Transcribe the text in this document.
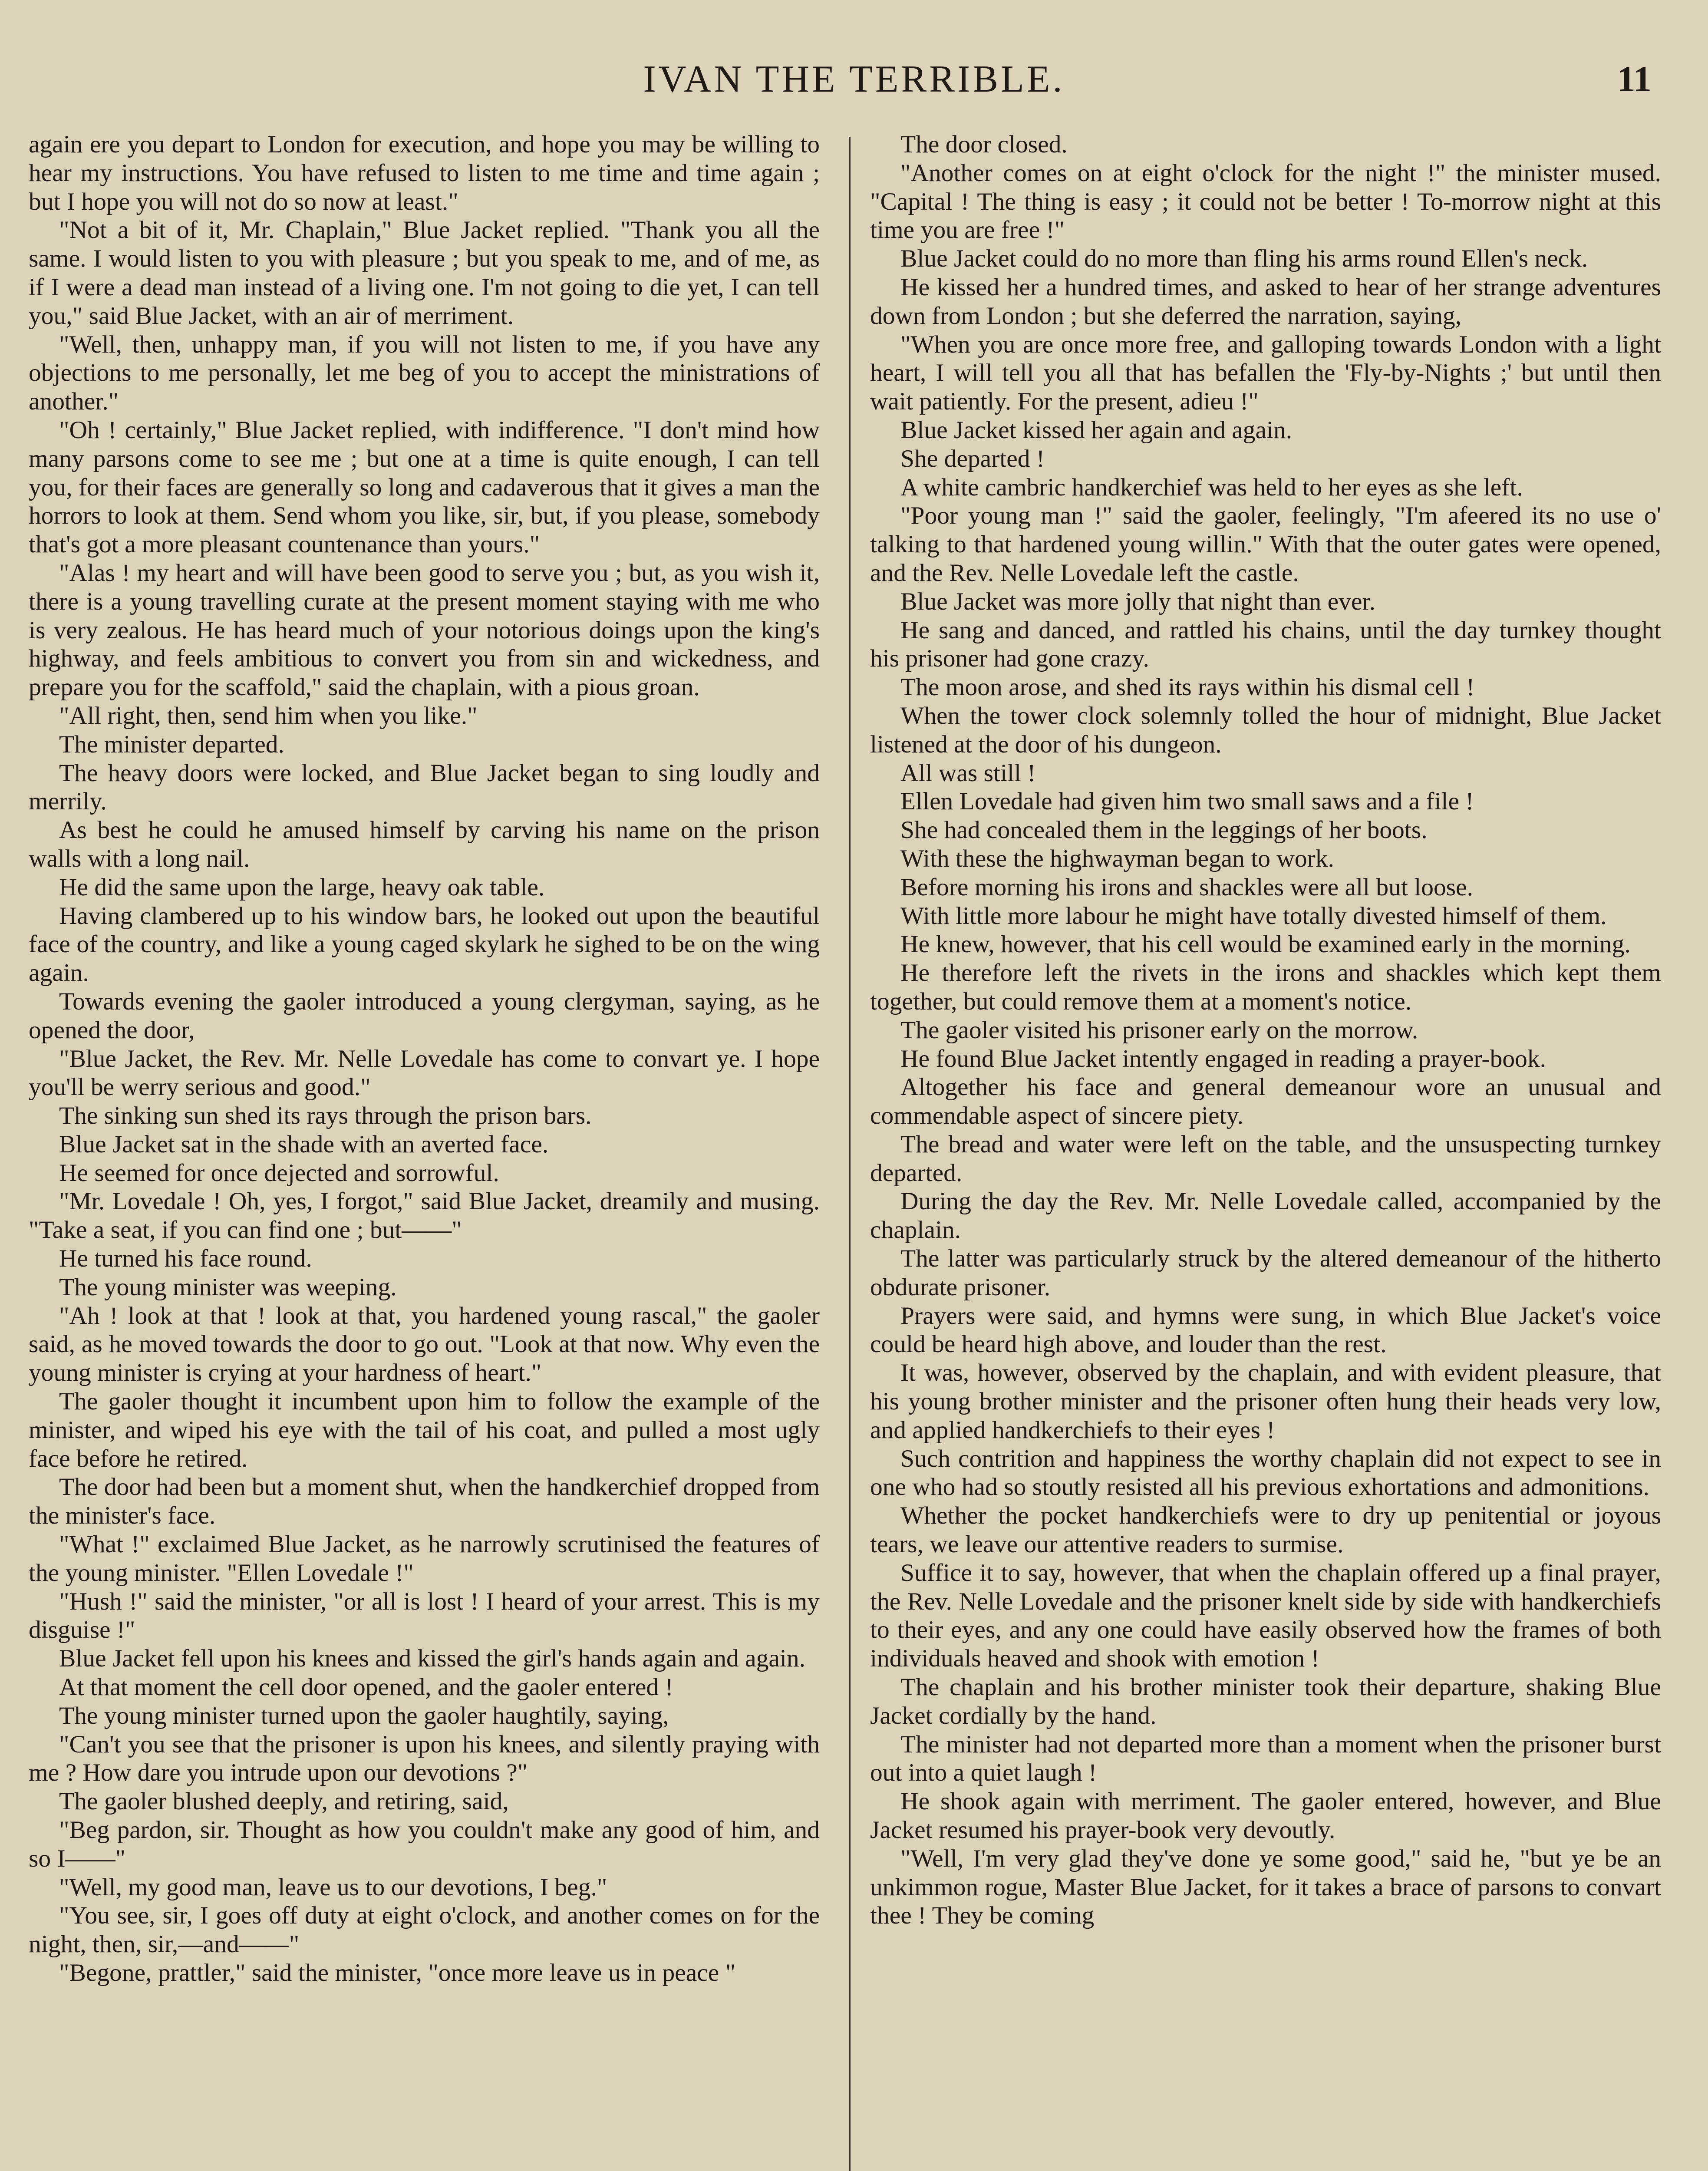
IVAN THE TERRIBLE.	11

again ere you depart to London for execution, and hope you may be willing to hear my instructions. You have refused to listen to me time and time again ; but I hope you will not do so now at least."

"Not a bit of it, Mr. Chaplain," Blue Jacket replied. "Thank you all the same. I would listen to you with pleasure ; but you speak to me, and of me, as if I were a dead man instead of a living one. I'm not going to die yet, I can tell you," said Blue Jacket, with an air of merriment.

"Well, then, unhappy man, if you will not listen to me, if you have any objections to me personally, let me beg of you to accept the ministrations of another."

"Oh ! certainly," Blue Jacket replied, with indifference. "I don't mind how many parsons come to see me ; but one at a time is quite enough, I can tell you, for their faces are generally so long and cadaverous that it gives a man the horrors to look at them. Send whom you like, sir, but, if you please, somebody that's got a more pleasant countenance than yours."

"Alas ! my heart and will have been good to serve you ; but, as you wish it, there is a young travelling curate at the present moment staying with me who is very zealous. He has heard much of your notorious doings upon the king's highway, and feels ambitious to convert you from sin and wickedness, and prepare you for the scaffold," said the chaplain, with a pious groan.

"All right, then, send him when you like."

The minister departed.

The heavy doors were locked, and Blue Jacket began to sing loudly and merrily.

As best he could he amused himself by carving his name on the prison walls with a long nail.

He did the same upon the large, heavy oak table.

Having clambered up to his window bars, he looked out upon the beautiful face of the country, and like a young caged skylark he sighed to be on the wing again.

Towards evening the gaoler introduced a young clergyman, saying, as he opened the door,

"Blue Jacket, the Rev. Mr. Nelle Lovedale has come to convart ye. I hope you'll be werry serious and good."

The sinking sun shed its rays through the prison bars.

Blue Jacket sat in the shade with an averted face.

He seemed for once dejected and sorrowful.

"Mr. Lovedale ! Oh, yes, I forgot," said Blue Jacket, dreamily and musing. "Take a seat, if you can find one ; but——"

He turned his face round.

The young minister was weeping.

"Ah ! look at that ! look at that, you hardened young rascal," the gaoler said, as he moved towards the door to go out. "Look at that now. Why even the young minister is crying at your hardness of heart."

The gaoler thought it incumbent upon him to follow the example of the minister, and wiped his eye with the tail of his coat, and pulled a most ugly face before he retired.

The door had been but a moment shut, when the handkerchief dropped from the minister's face.

"What !" exclaimed Blue Jacket, as he narrowly scrutinised the features of the young minister. "Ellen Lovedale !"

"Hush !" said the minister, "or all is lost ! I heard of your arrest. This is my disguise !"

Blue Jacket fell upon his knees and kissed the girl's hands again and again.

At that moment the cell door opened, and the gaoler entered !

The young minister turned upon the gaoler haughtily, saying,

"Can't you see that the prisoner is upon his knees, and silently praying with me ? How dare you intrude upon our devotions ?"

The gaoler blushed deeply, and retiring, said,

"Beg pardon, sir. Thought as how you couldn't make any good of him, and so I——"

"Well, my good man, leave us to our devotions, I beg."

"You see, sir, I goes off duty at eight o'clock, and another comes on for the night, then, sir,—and——"

"Begone, prattler," said the minister, "once more leave us in peace "

The door closed.

"Another comes on at eight o'clock for the night !" the minister mused. "Capital ! The thing is easy ; it could not be better ! To-morrow night at this time you are free !"

Blue Jacket could do no more than fling his arms round Ellen's neck.

He kissed her a hundred times, and asked to hear of her strange adventures down from London ; but she deferred the narration, saying,

"When you are once more free, and galloping towards London with a light heart, I will tell you all that has befallen the 'Fly-by-Nights ;' but until then wait patiently. For the present, adieu !"

Blue Jacket kissed her again and again.

She departed !

A white cambric handkerchief was held to her eyes as she left.

"Poor young man !" said the gaoler, feelingly, "I'm afeered its no use o' talking to that hardened young willin." With that the outer gates were opened, and the Rev. Nelle Lovedale left the castle.

Blue Jacket was more jolly that night than ever.

He sang and danced, and rattled his chains, until the day turnkey thought his prisoner had gone crazy.

The moon arose, and shed its rays within his dismal cell !

When the tower clock solemnly tolled the hour of midnight, Blue Jacket listened at the door of his dungeon.

All was still !

Ellen Lovedale had given him two small saws and a file !

She had concealed them in the leggings of her boots.

With these the highwayman began to work.

Before morning his irons and shackles were all but loose.

With little more labour he might have totally divested himself of them.

He knew, however, that his cell would be examined early in the morning.

He therefore left the rivets in the irons and shackles which kept them together, but could remove them at a moment's notice.

The gaoler visited his prisoner early on the morrow.

He found Blue Jacket intently engaged in reading a prayer-book.

Altogether his face and general demeanour wore an unusual and commendable aspect of sincere piety.

The bread and water were left on the table, and the unsuspecting turnkey departed.

During the day the Rev. Mr. Nelle Lovedale called, accompanied by the chaplain.

The latter was particularly struck by the altered demeanour of the hitherto obdurate prisoner.

Prayers were said, and hymns were sung, in which Blue Jacket's voice could be heard high above, and louder than the rest.

It was, however, observed by the chaplain, and with evident pleasure, that his young brother minister and the prisoner often hung their heads very low, and applied handkerchiefs to their eyes !

Such contrition and happiness the worthy chaplain did not expect to see in one who had so stoutly resisted all his previous exhortations and admonitions.

Whether the pocket handkerchiefs were to dry up penitential or joyous tears, we leave our attentive readers to surmise.

Suffice it to say, however, that when the chaplain offered up a final prayer, the Rev. Nelle Lovedale and the prisoner knelt side by side with handkerchiefs to their eyes, and any one could have easily observed how the frames of both individuals heaved and shook with emotion !

The chaplain and his brother minister took their departure, shaking Blue Jacket cordially by the hand.

The minister had not departed more than a moment when the prisoner burst out into a quiet laugh !

He shook again with merriment. The gaoler entered, however, and Blue Jacket resumed his prayer-book very devoutly.

"Well, I'm very glad they've done ye some good," said he, "but ye be an unkimmon rogue, Master Blue Jacket, for it takes a brace of parsons to convart thee ! They be coming
